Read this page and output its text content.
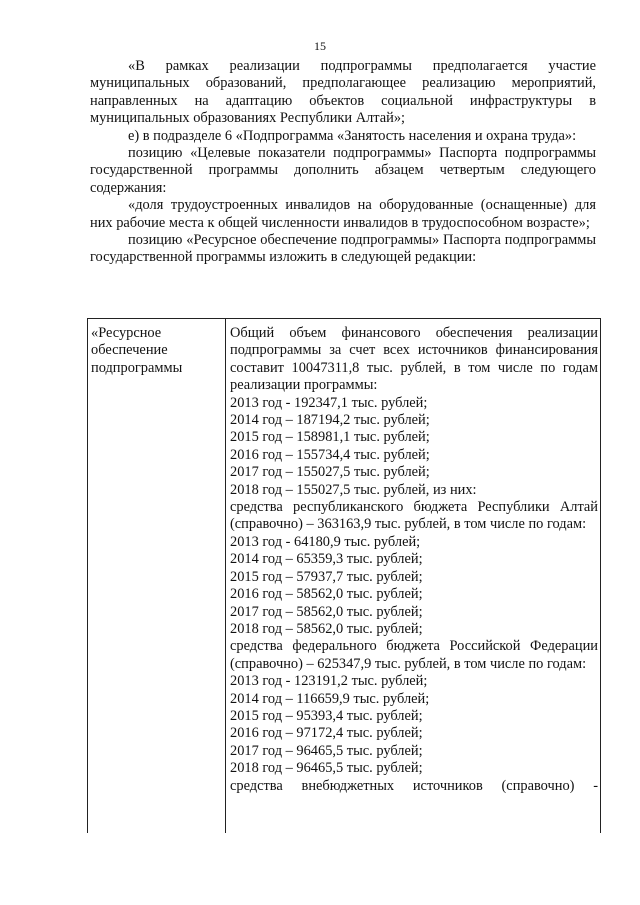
15

«В рамках реализации подпрограммы предполагается участие муниципальных образований, предполагающее реализацию мероприятий, направленных на адаптацию объектов социальной инфраструктуры в муниципальных образованиях Республики Алтай»;

е) в подразделе 6 «Подпрограмма «Занятость населения и охрана труда»:

позицию «Целевые показатели подпрограммы» Паспорта подпрограммы государственной программы дополнить абзацем четвертым следующего содержания:

«доля трудоустроенных инвалидов на оборудованные (оснащенные) для них рабочие места к общей численности инвалидов в трудоспособном возрасте»;

позицию «Ресурсное обеспечение подпрограммы» Паспорта подпрограммы государственной программы изложить в следующей редакции:

«Ресурсное
обеспечение
подпрограммы
Общий объем финансового обеспечения реализации подпрограммы за счет всех источников финансирования составит 10047311,8 тыс. рублей, в том числе по годам реализации программы:
2013 год - 192347,1 тыс. рублей;
2014 год – 187194,2 тыс. рублей;
2015 год – 158981,1 тыс. рублей;
2016 год – 155734,4 тыс. рублей;
2017 год – 155027,5 тыс. рублей;
2018 год – 155027,5 тыс. рублей, из них:
средства республиканского бюджета Республики Алтай (справочно) – 363163,9 тыс. рублей, в том числе по годам:
2013 год - 64180,9 тыс. рублей;
2014 год – 65359,3 тыс. рублей;
2015 год – 57937,7 тыс. рублей;
2016 год – 58562,0 тыс. рублей;
2017 год – 58562,0 тыс. рублей;
2018 год – 58562,0 тыс. рублей;
средства федерального бюджета Российской Федерации (справочно) – 625347,9 тыс. рублей, в том числе по годам:
2013 год - 123191,2 тыс. рублей;
2014 год – 116659,9 тыс. рублей;
2015 год – 95393,4 тыс. рублей;
2016 год – 97172,4 тыс. рублей;
2017 год – 96465,5 тыс. рублей;
2018 год – 96465,5 тыс. рублей;
средства внебюджетных источников (справочно) -
